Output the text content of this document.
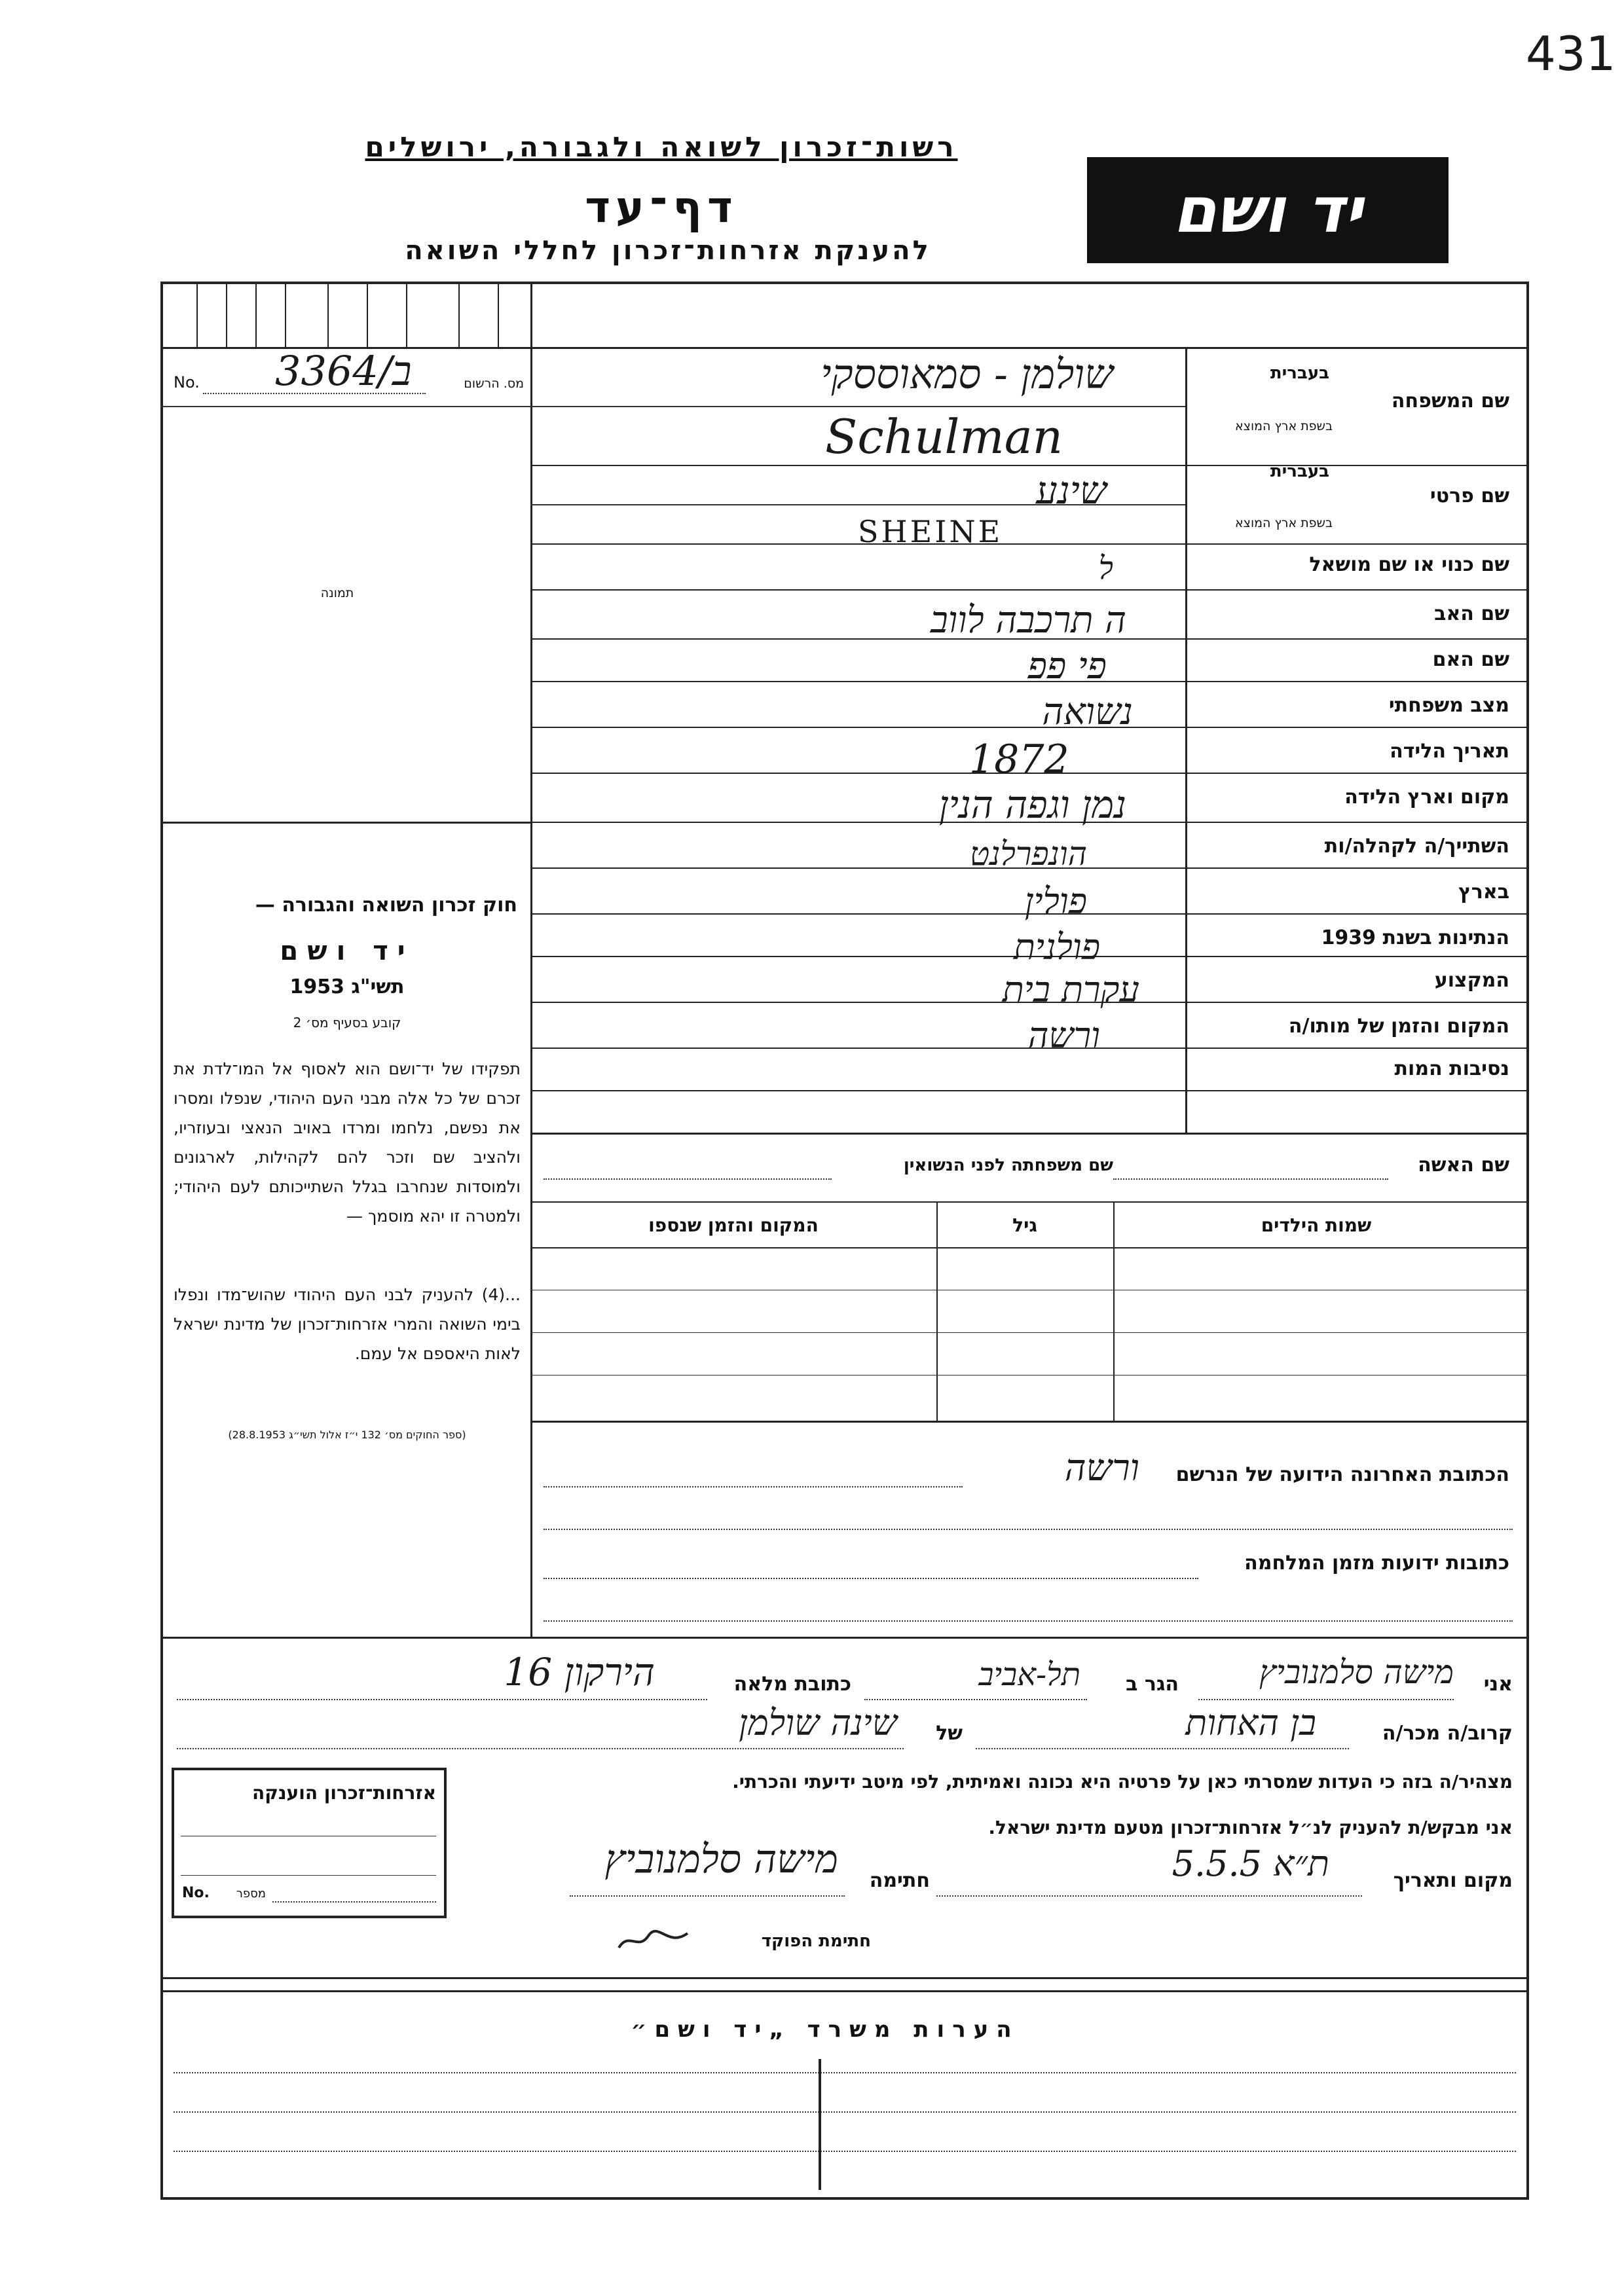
431
רשות־זכרון לשואה ולגבורה, ירושלים
דף־עד
להענקת אזרחות־זכרון לחללי השואה
יד ושם
No. 3364/ב	מס. הרשום
תמונה
חוק זכרון השואה והגבורה —
יד ושם
תשי"ג 1953
קובע בסעיף מס׳ 2
תפקידו של יד־ושם הוא לאסוף אל המו־לדת את זכרם של כל אלה מבני העם היהודי, שנפלו ומסרו את נפשם, נלחמו ומרדו באויב הנאצי ובעוזריו, ולהציב שם וזכר להם לקהילות, לארגונים ולמוסדות שנחרבו בגלל השתייכותם לעם היהודי; ולמטרה זו יהא מוסמך —
...(4) להעניק לבני העם היהודי שהוש־מדו ונפלו בימי השואה והמרי אזרחות־זכרון של מדינת ישראל לאות היאספם אל עמם.
(ספר החוקים מס׳ 132 י״ז אלול תשי״ג 28.8.1953)
שם המשפחה
בעברית
בשפת ארץ המוצא
שם פרטי
בעברית
בשפת ארץ המוצא
שם כנוי או שם מושאל
שם האב
שם האם
מצב משפחתי
תאריך הלידה
מקום וארץ הלידה
השתייך/ה לקהלה/ות
בארץ
הנתינות בשנת 1939
המקצוע
המקום והזמן של מותו/ה
נסיבות המות
שולמן - סמאוססקי
Schulman
שינע
SHEINE
ל
ה תרכבה לווב
פי פפ
נשואה
1872
נמן וגפה הנין
הונפרלנט
פולין
פולנית
עקרת בית
ורשה
שם האשה
שם משפחתה לפני הנשואין
שמות הילדים
גיל
המקום והזמן שנספו
הכתובת האחרונה הידועה של הנרשם
ורשה
כתובות ידועות מזמן המלחמה
אני
מישה סלמנוביץ
הגר ב
תל-אביב
כתובת מלאה
הירקון 16
קרוב/ה מכר/ה
בן האחות
של
שינה שולמן
מצהיר/ה בזה כי העדות שמסרתי כאן על פרטיה היא נכונה ואמיתית, לפי מיטב ידיעתי והכרתי.
אני מבקש/ת להעניק לנ״ל אזרחות־זכרון מטעם מדינת ישראל.
מקום ותאריך
ת״א 5.5.5
חתימה
מישה סלמנוביץ
חתימת הפוקד
אזרחות־זכרון הוענקה
No.	מספר
הערות משרד „יד ושם״
